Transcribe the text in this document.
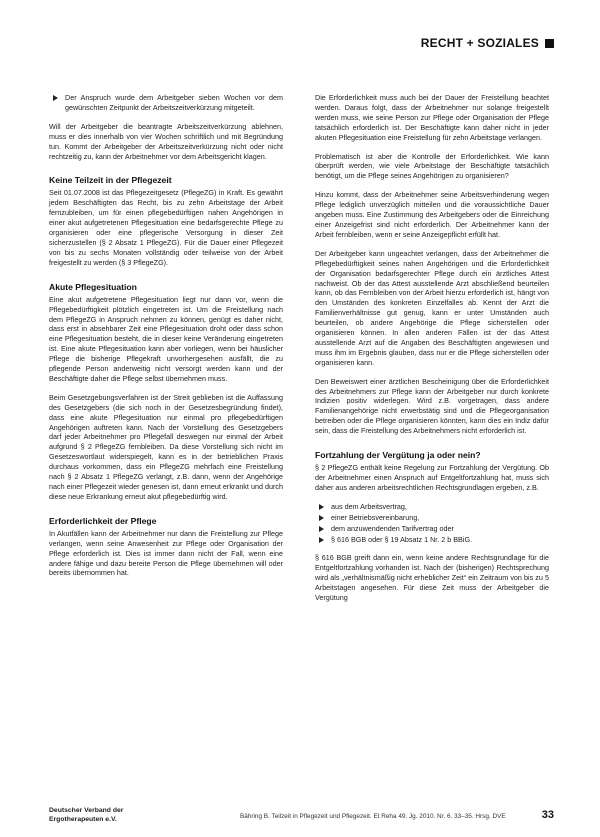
RECHT + SOZIALES
Der Anspruch wurde dem Arbeitgeber sieben Wochen vor dem gewünschten Zeitpunkt der Arbeitszeitverkürzung mitgeteilt.

Will der Arbeitgeber die beantragte Arbeitszeitverkürzung ablehnen, muss er dies innerhalb von vier Wochen schriftlich und mit Begründung tun. Kommt der Arbeitgeber der Arbeitszeitverkürzung nicht oder nicht rechtzeitig zu, kann der Arbeitnehmer vor dem Arbeitsgericht klagen.

Keine Teilzeit in der Pflegezeit

Seit 01.07.2008 ist das Pflegezeitgesetz (PflegeZG) in Kraft. Es gewährt jedem Beschäftigten das Recht, bis zu zehn Arbeitstage der Arbeit fernzubleiben, um für einen pflegebedürftigen nahen Angehörigen in einer akut aufgetretenen Pflegesituation eine bedarfsgerechte Pflege zu organisieren oder eine pflegerische Versorgung in dieser Zeit sicherzustellen (§ 2 Absatz 1 PflegeZG). Für die Dauer einer Pflegezeit von bis zu sechs Monaten vollständig oder teilweise von der Arbeit freigestellt zu werden (§ 3 PflegeZG).

Akute Pflegesituation

Eine akut aufgetretene Pflegesituation liegt nur dann vor, wenn die Pflegebedürftigkeit plötzlich eingetreten ist. Um die Freistellung nach dem PflegeZG in Anspruch nehmen zu können, genügt es daher nicht, dass erst in absehbarer Zeit eine Pflegesituation droht oder dass schon eine Pflegesituation besteht, die in dieser keine Veränderung eingetreten ist. Eine akute Pflegesituation kann aber vorliegen, wenn bei häuslicher Pflege die bisherige Pflegekraft unvorhergesehen ausfällt, die zu pflegende Person anderweitig nicht versorgt werden kann und der Beschäftigte daher die Pflege selbst übernehmen muss.

Beim Gesetzgebungsverfahren ist der Streit geblieben ist die Auffassung des Gesetzgebers (die sich noch in der Gesetzesbegründung findet), dass eine akute Pflegesituation nur einmal pro pflegebedürftigen Angehörigen auftreten kann. Nach der Vorstellung des Gesetzgebers darf jeder Arbeitnehmer pro Pflegefall deswegen nur einmal der Arbeit aufgrund § 2 PflegeZG fernbleiben. Da diese Vorstellung sich nicht im Gesetzeswortlaut widerspiegelt, kann es in der betrieblichen Praxis durchaus vorkommen, dass ein PflegeZG mehrfach eine Freistellung nach § 2 Absatz 1 PflegeZG verlangt, z.B. dann, wenn der Angehörige nach einer Pflegezeit wieder genesen ist, dann erneut erkrankt und durch diese neue Erkrankung erneut akut pflegebedürftig wird.

Erforderlichkeit der Pflege

In Akutfällen kann der Arbeitnehmer nur dann die Freistellung zur Pflege verlangen, wenn seine Anwesenheit zur Pflege oder Organisation der Pflege erforderlich ist. Dies ist immer dann nicht der Fall, wenn eine andere fähige und dazu bereite Person die Pflege übernehmen will oder bereits übernommen hat.

Die Erforderlichkeit muss auch bei der Dauer der Freistellung beachtet werden. Daraus folgt, dass der Arbeitnehmer nur solange freigestellt werden muss, wie seine Person zur Pflege oder Organisation der Pflege tatsächlich erforderlich ist. Der Beschäftigte kann daher nicht in jeder akuten Pflegesituation eine Freistellung für zehn Arbeitstage verlangen.

Problematisch ist aber die Kontrolle der Erforderlichkeit. Wie kann überprüft werden, wie viele Arbeitstage der Beschäftigte tatsächlich benötigt, um die Pflege seines Angehörigen zu organisieren?

Hinzu kommt, dass der Arbeitnehmer seine Arbeitsverhinderung wegen Pflege lediglich unverzüglich mitteilen und die voraussichtliche Dauer angeben muss. Eine Zustimmung des Arbeitgebers oder die Einreichung einer Anzeigefrist sind nicht erforderlich. Der Arbeitnehmer kann der Arbeit fernbleiben, wenn er seine Anzeigepflicht erfüllt hat.

Der Arbeitgeber kann ungeachtet verlangen, dass der Arbeitnehmer die Pflegebedürftigkeit seines nahen Angehörigen und die Erforderlichkeit der Organisation bedarfsgerechter Pflege durch ein ärztliches Attest nachweist. Ob der das Attest ausstellende Arzt abschließend beurteilen kann, ob das Fernbleiben von der Arbeit hierzu erforderlich ist, hängt von den Umständen des konkreten Einzelfalles ab. Kennt der Arzt die Familienverhältnisse gut genug, kann er unter Umständen auch beurteilen, ob andere Angehörige die Pflege sicherstellen oder organisieren können. In allen anderen Fällen ist der das Attest ausstellende Arzt auf die Angaben des Beschäftigten angewiesen und muss ihm im Ergebnis glauben, dass nur er die Pflege sicherstellen oder organisieren kann.

Den Beweiswert einer ärztlichen Bescheinigung über die Erforderlichkeit des Arbeitnehmers zur Pflege kann der Arbeitgeber nur durch konkrete Indizien positiv widerlegen. Wird z.B. vorgetragen, dass andere Familienangehörige nicht erwerbstätig sind und die Pflegeorganisation betreiben oder die Pflege organisieren könnten, kann dies ein Indiz dafür sein, dass die Freistellung des Arbeitnehmers nicht erforderlich ist.

Fortzahlung der Vergütung ja oder nein?

§ 2 PflegeZG enthält keine Regelung zur Fortzahlung der Vergütung. Ob der Arbeitnehmer einen Anspruch auf Entgeltfortzahlung hat, muss sich daher aus anderen arbeitsrechtlichen Rechtsgrundlagen ergeben, z.B.

aus dem Arbeitsvertrag,
einer Betriebsvereinbarung,
dem anzuwendenden Tarifvertrag oder
§ 616 BGB oder § 19 Absatz 1 Nr. 2 b BBiG.

§ 616 BGB greift dann ein, wenn keine andere Rechtsgrundlage für die Entgeltfortzahlung vorhanden ist. Nach der (bisherigen) Rechtsprechung wird als „verhältnismäßig nicht erheblicher Zeit“ ein Zeitraum von bis zu 5 Arbeitstagen angesehen. Für diese Zeit muss der Arbeitgeber die Vergütung

Deutscher Verband der
Ergotherapeuten e.V.	Bähring B. Teilzeit in Pflegezeit und Pflegezeit. Et Reha 49. Jg. 2010. Nr. 6. 33–35. Hrsg. DVE	33
